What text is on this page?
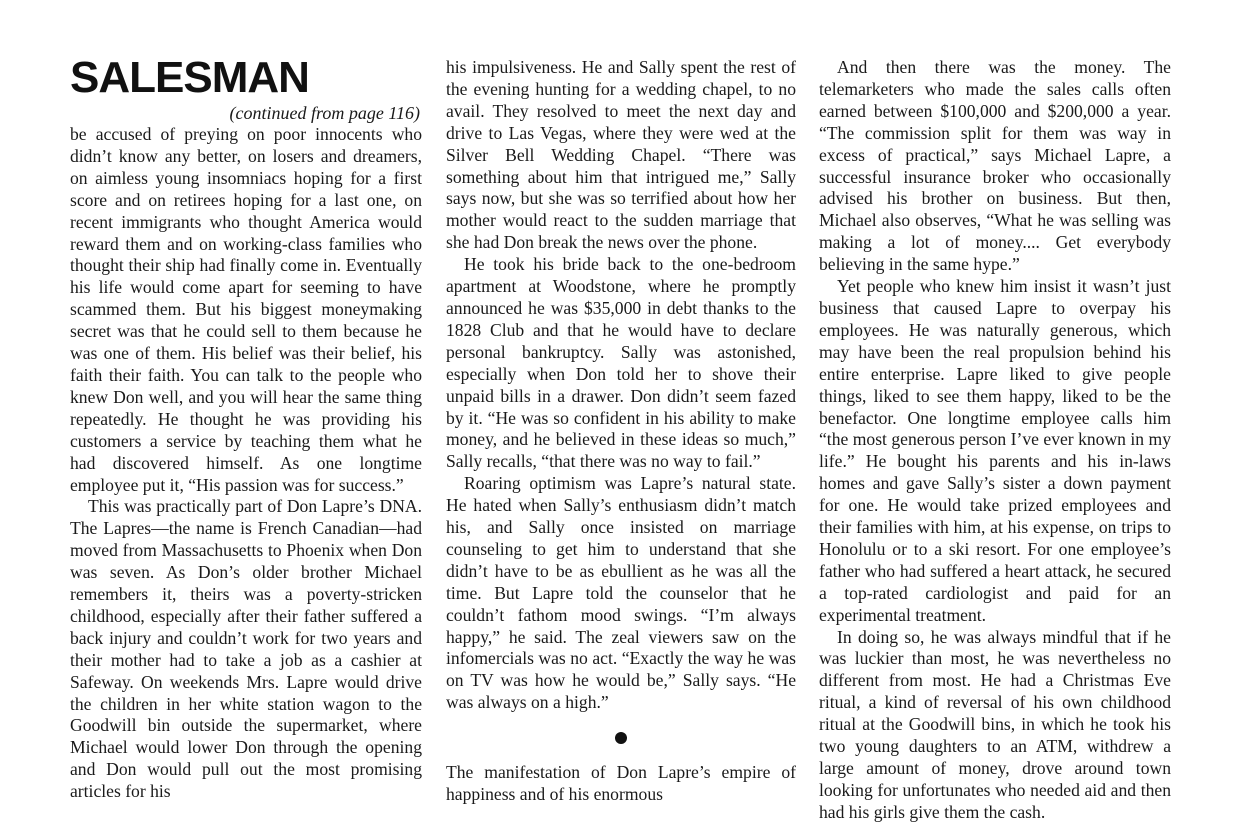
SALESMAN
(continued from page 116)

be accused of preying on poor innocents who didn’t know any better, on losers and dreamers, on aimless young insomniacs hoping for a first score and on retirees hoping for a last one, on recent immigrants who thought America would reward them and on working-class families who thought their ship had finally come in. Eventually his life would come apart for seeming to have scammed them. But his biggest moneymaking secret was that he could sell to them because he was one of them. His belief was their belief, his faith their faith. You can talk to the people who knew Don well, and you will hear the same thing repeatedly. He thought he was providing his customers a service by teaching them what he had discovered himself. As one longtime employee put it, “His passion was for success.”

This was practically part of Don Lapre’s DNA. The Lapres—the name is French Canadian—had moved from Massachusetts to Phoenix when Don was seven. As Don’s older brother Michael remembers it, theirs was a poverty-stricken childhood, especially after their father suffered a back injury and couldn’t work for two years and their mother had to take a job as a cashier at Safeway. On weekends Mrs. Lapre would drive the children in her white station wagon to the Goodwill bin outside the supermarket, where Michael would lower Don through the opening and Don would pull out the most promising articles for his

his impulsiveness. He and Sally spent the rest of the evening hunting for a wedding chapel, to no avail. They resolved to meet the next day and drive to Las Vegas, where they were wed at the Silver Bell Wedding Chapel. “There was something about him that intrigued me,” Sally says now, but she was so terrified about how her mother would react to the sudden marriage that she had Don break the news over the phone.

He took his bride back to the one-bedroom apartment at Woodstone, where he promptly announced he was $35,000 in debt thanks to the 1828 Club and that he would have to declare personal bankruptcy. Sally was astonished, especially when Don told her to shove their unpaid bills in a drawer. Don didn’t seem fazed by it. “He was so confident in his ability to make money, and he believed in these ideas so much,” Sally recalls, “that there was no way to fail.”

Roaring optimism was Lapre’s natural state. He hated when Sally’s enthusiasm didn’t match his, and Sally once insisted on marriage counseling to get him to understand that she didn’t have to be as ebullient as he was all the time. But Lapre told the counselor that he couldn’t fathom mood swings. “I’m always happy,” he said. The zeal viewers saw on the infomercials was no act. “Exactly the way he was on TV was how he would be,” Sally says. “He was always on a high.”

The manifestation of Don Lapre’s empire of happiness and of his enormous

And then there was the money. The telemarketers who made the sales calls often earned between $100,000 and $200,000 a year. “The commission split for them was way in excess of practical,” says Michael Lapre, a successful insurance broker who occasionally advised his brother on business. But then, Michael also observes, “What he was selling was making a lot of money.... Get everybody believing in the same hype.”

Yet people who knew him insist it wasn’t just business that caused Lapre to overpay his employees. He was naturally generous, which may have been the real propulsion behind his entire enterprise. Lapre liked to give people things, liked to see them happy, liked to be the benefactor. One longtime employee calls him “the most generous person I’ve ever known in my life.” He bought his parents and his in-laws homes and gave Sally’s sister a down payment for one. He would take prized employees and their families with him, at his expense, on trips to Honolulu or to a ski resort. For one employee’s father who had suffered a heart attack, he secured a top-rated cardiologist and paid for an experimental treatment.

In doing so, he was always mindful that if he was luckier than most, he was nevertheless no different from most. He had a Christmas Eve ritual, a kind of reversal of his own childhood ritual at the Goodwill bins, in which he took his two young daughters to an ATM, withdrew a large amount of money, drove around town looking for unfortunates who needed aid and then had his girls give them the cash.
